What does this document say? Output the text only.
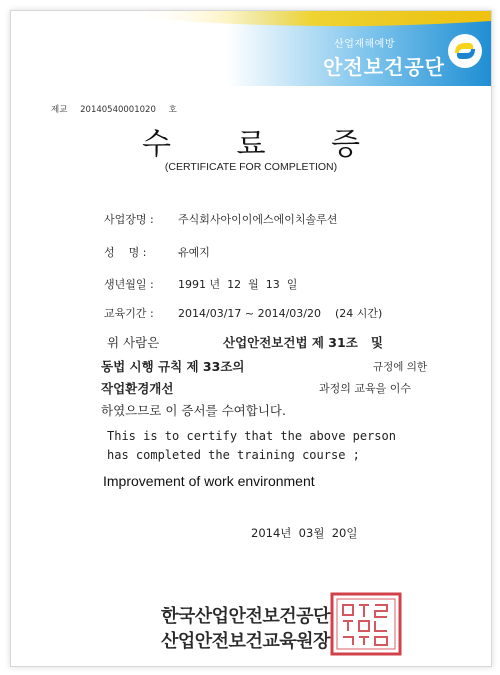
산업재해예방
안전보건공단
제교 20140540001020 호
수 료 증
(CERTIFICATE FOR COMPLETION)
사업장명 : 주식회사아이이에스에이치솔루션
성    명 :	유예지
생년월일 : 1991 년  12  월  13  일
교육기간 : 2014/03/17 ~ 2014/03/20    (24 시간)
위 사람은	산업안전보건법 제 31조   및
동법 시행 규칙 제 33조의	규정에 의한
작업환경개선	과정의 교육을 이수
하였으므로 이 증서를 수여합니다.
This is to certify that the above person
has completed the training course ;
Improvement of work environment
2014년  03월  20일
한국산업안전보건공단
산업안전보건교육원장
